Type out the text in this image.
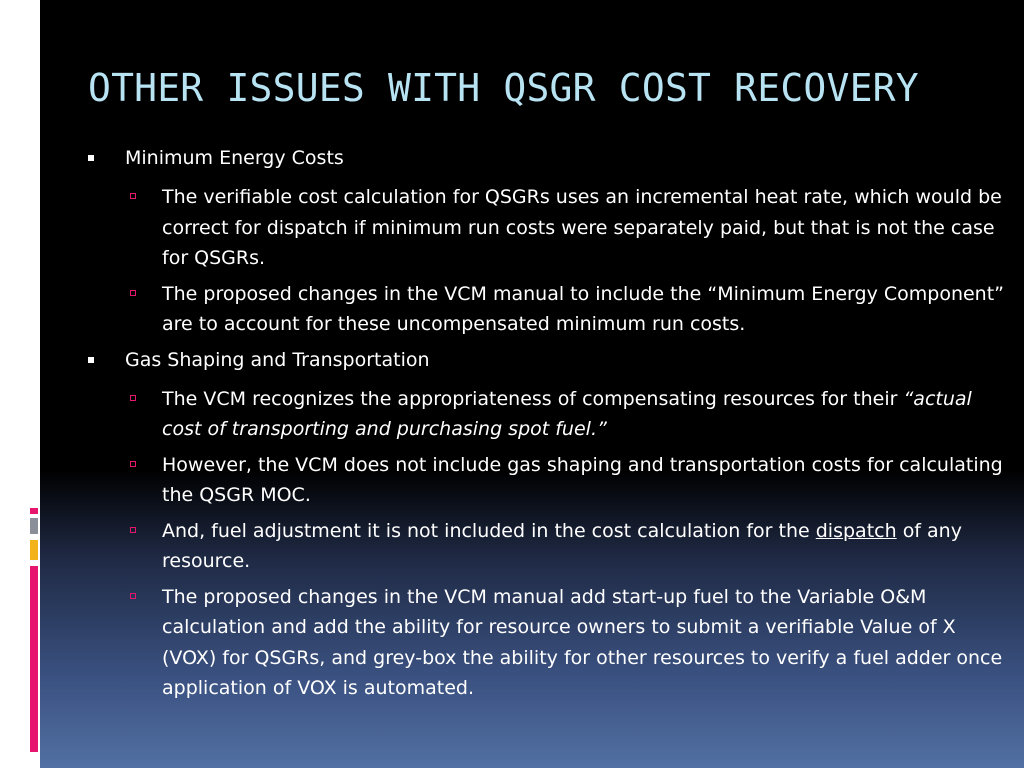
OTHER ISSUES WITH QSGR COST RECOVERY
Minimum Energy Costs
The verifiable cost calculation for QSGRs uses an incremental heat rate, which would be correct for dispatch if minimum run costs were separately paid, but that is not the case for QSGRs.
The proposed changes in the VCM manual to include the “Minimum Energy Component” are to account for these uncompensated minimum run costs.
Gas Shaping and Transportation
The VCM recognizes the appropriateness of compensating resources for their “actual cost of transporting and purchasing spot fuel.”
However, the VCM does not include gas shaping and transportation costs for calculating the QSGR MOC.
And, fuel adjustment it is not included in the cost calculation for the dispatch of any resource.
The proposed changes in the VCM manual add start-up fuel to the Variable O&M calculation and add the ability for resource owners to submit a verifiable Value of X (VOX) for QSGRs, and grey-box the ability for other resources to verify a fuel adder once application of VOX is automated.
